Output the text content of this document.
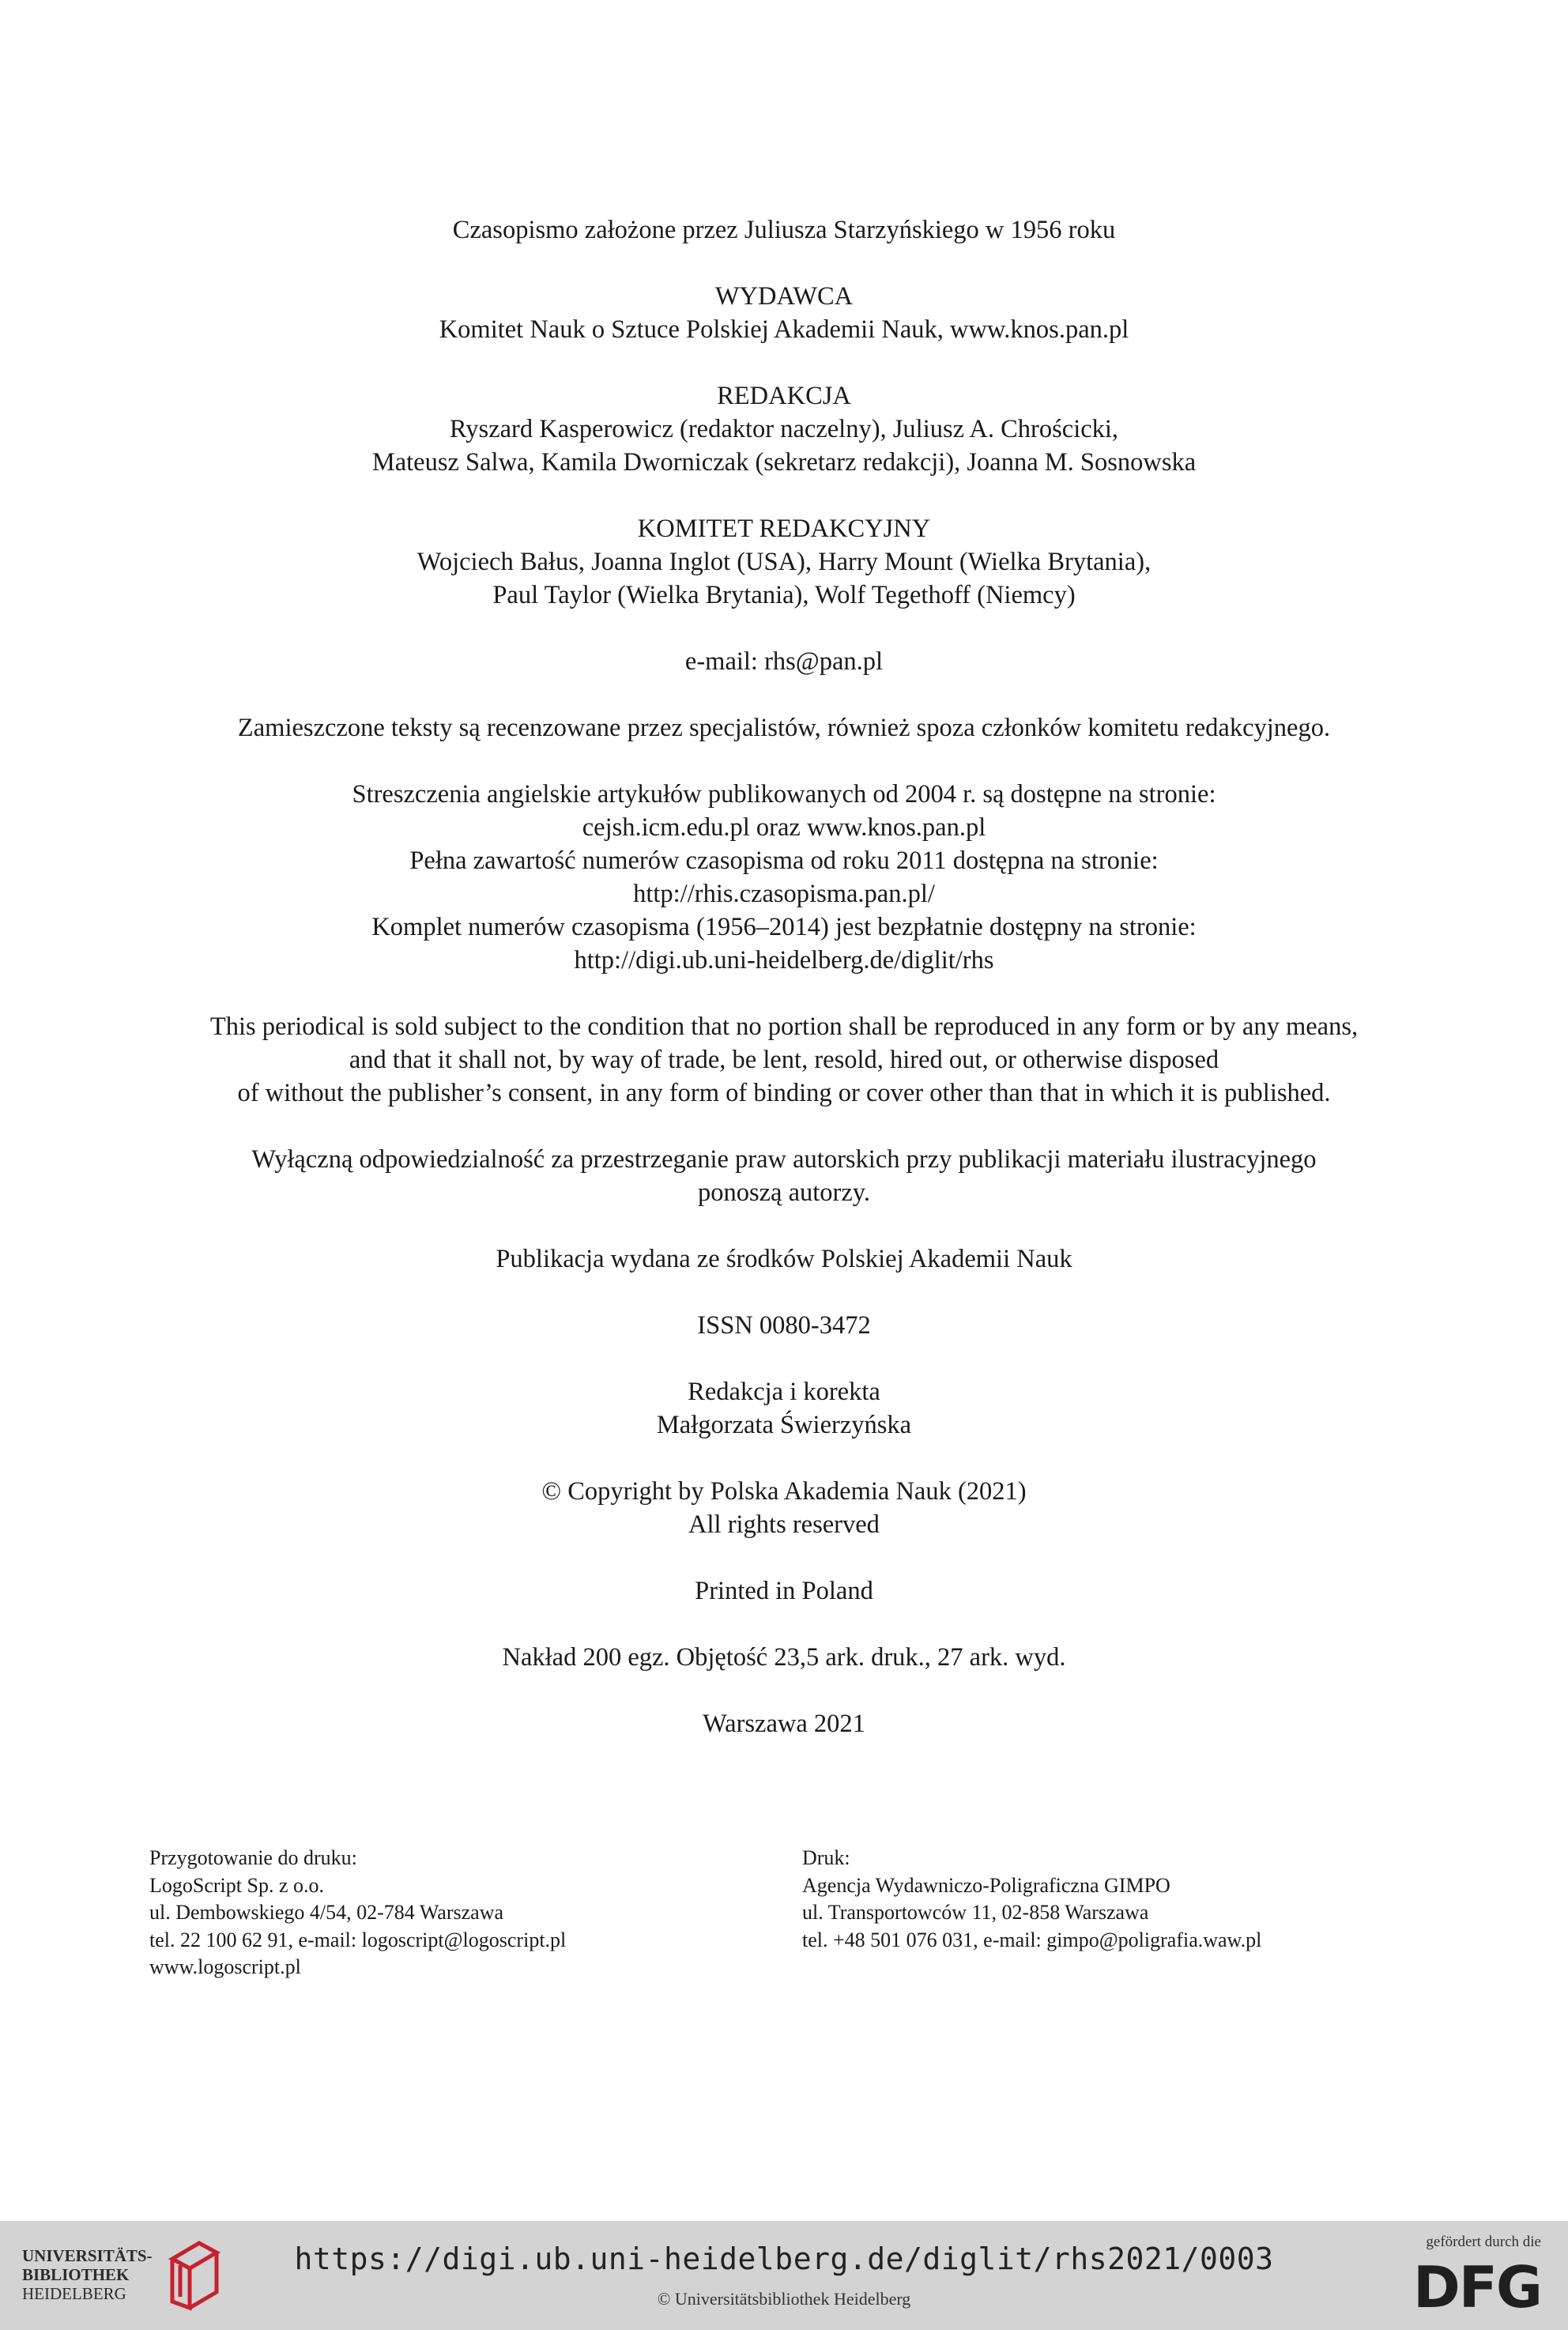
Czasopismo założone przez Juliusza Starzyńskiego w 1956 roku

WYDAWCA

Komitet Nauk o Sztuce Polskiej Akademii Nauk, www.knos.pan.pl

REDAKCJA

Ryszard Kasperowicz (redaktor naczelny), Juliusz A. Chrościcki,

Mateusz Salwa, Kamila Dworniczak (sekretarz redakcji), Joanna M. Sosnowska

KOMITET REDAKCYJNY

Wojciech Bałus, Joanna Inglot (USA), Harry Mount (Wielka Brytania),

Paul Taylor (Wielka Brytania), Wolf Tegethoff (Niemcy)

e-mail: rhs@pan.pl

Zamieszczone teksty są recenzowane przez specjalistów, również spoza członków komitetu redakcyjnego.

Streszczenia angielskie artykułów publikowanych od 2004 r. są dostępne na stronie:

cejsh.icm.edu.pl oraz www.knos.pan.pl

Pełna zawartość numerów czasopisma od roku 2011 dostępna na stronie:

http://rhis.czasopisma.pan.pl/

Komplet numerów czasopisma (1956–2014) jest bezpłatnie dostępny na stronie:

http://digi.ub.uni-heidelberg.de/diglit/rhs

This periodical is sold subject to the condition that no portion shall be reproduced in any form or by any means,

and that it shall not, by way of trade, be lent, resold, hired out, or otherwise disposed

of without the publisher’s consent, in any form of binding or cover other than that in which it is published.

Wyłączną odpowiedzialność za przestrzeganie praw autorskich przy publikacji materiału ilustracyjnego

ponoszą autorzy.

Publikacja wydana ze środków Polskiej Akademii Nauk

ISSN 0080-3472

Redakcja i korekta

Małgorzata Świerzyńska

© Copyright by Polska Akademia Nauk (2021)

All rights reserved

Printed in Poland

Nakład 200 egz. Objętość 23,5 ark. druk., 27 ark. wyd.

Warszawa 2021

Przygotowanie do druku:

LogoScript Sp. z o.o.

ul. Dembowskiego 4/54, 02-784 Warszawa

tel. 22 100 62 91, e-mail: logoscript@logoscript.pl

www.logoscript.pl

Druk:

Agencja Wydawniczo-Poligraficzna GIMPO

ul. Transportowców 11, 02-858 Warszawa

tel. +48 501 076 031, e-mail: gimpo@poligrafia.waw.pl

UNIVERSITÄTS-
BIBLIOTHEK
HEIDELBERG
https://digi.ub.uni-heidelberg.de/diglit/rhs2021/0003
© Universitätsbibliothek Heidelberg
gefördert durch die
DFG
